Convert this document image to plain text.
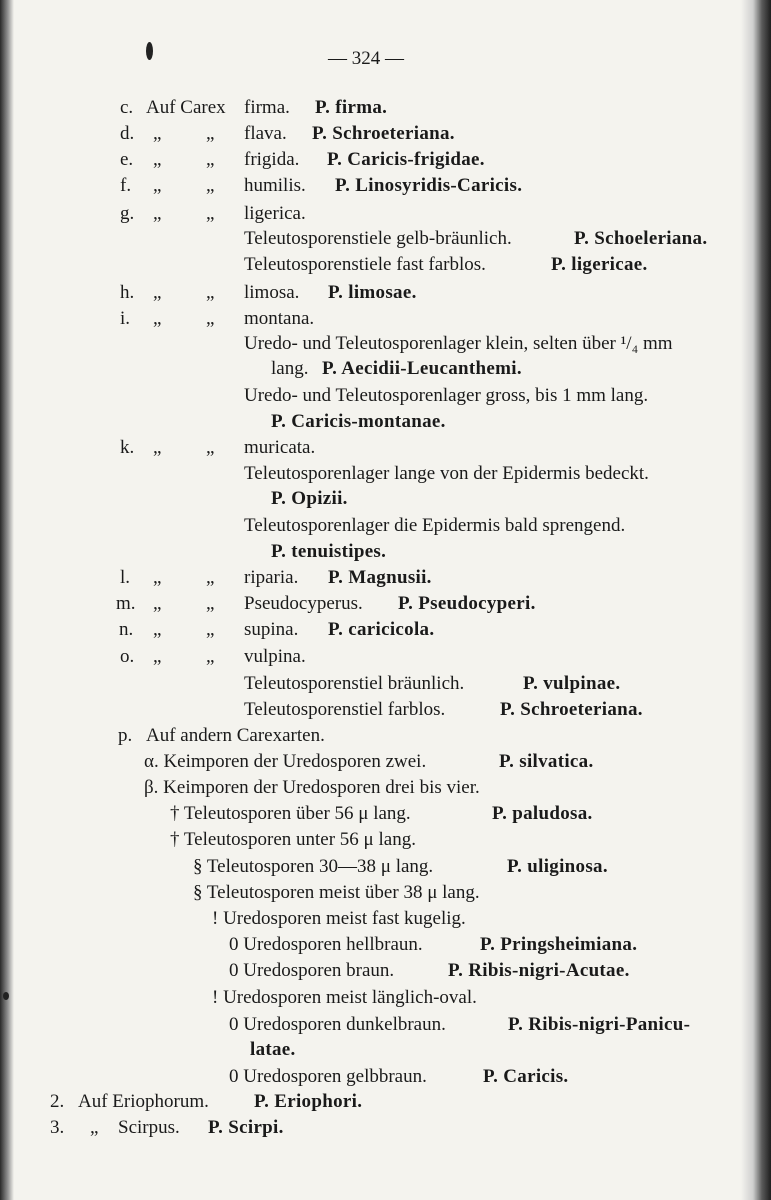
— 324 —
c. Auf Carex firma. P. firma.
d. „ „ flava. P. Schroeteriana.
e. „ „ frigida. P. Caricis-frigidae.
f. „ „ humilis. P. Linosyridis-Caricis.
g. „ „ ligerica.
Teleutosporenstiele gelb-bräunlich.	P. Schoeleriana.
Teleutosporenstiele fast farblos.	P. ligericae.
h. „ „ limosa. P. limosae.
i. „ „ montana.
Uredo- und Teleutosporenlager klein, selten über ¹/₄ mm
lang. P. Aecidii-Leucanthemi.
Uredo- und Teleutosporenlager gross, bis 1 mm lang.
P. Caricis-montanae.
k. „ „ muricata.
Teleutosporenlager lange von der Epidermis bedeckt.
P. Opizii.
Teleutosporenlager die Epidermis bald sprengend.
P. tenuistipes.
l. „ „ riparia. P. Magnusii.
m. „ „ Pseudocyperus. P. Pseudocyperi.
n. „ „ supina. P. caricicola.
o. „ „ vulpina.
Teleutosporenstiel bräunlich.	P. vulpinae.
Teleutosporenstiel farblos.	P. Schroeteriana.
p. Auf andern Carexarten.
α. Keimporen der Uredosporen zwei.	P. silvatica.
β. Keimporen der Uredosporen drei bis vier.
† Teleutosporen über 56 μ lang.	P. paludosa.
† Teleutosporen unter 56 μ lang.
§ Teleutosporen 30—38 μ lang.	P. uliginosa.
§ Teleutosporen meist über 38 μ lang.
! Uredosporen meist fast kugelig.
0 Uredosporen hellbraun.	P. Pringsheimiana.
0 Uredosporen braun.	P. Ribis-nigri-Acutae.
! Uredosporen meist länglich-oval.
0 Uredosporen dunkelbraun.	P. Ribis-nigri-Panicu-
latae.
0 Uredosporen gelbbraun.	P. Caricis.
2. Auf Eriophorum. P. Eriophori.
3. „ Scirpus. P. Scirpi.
